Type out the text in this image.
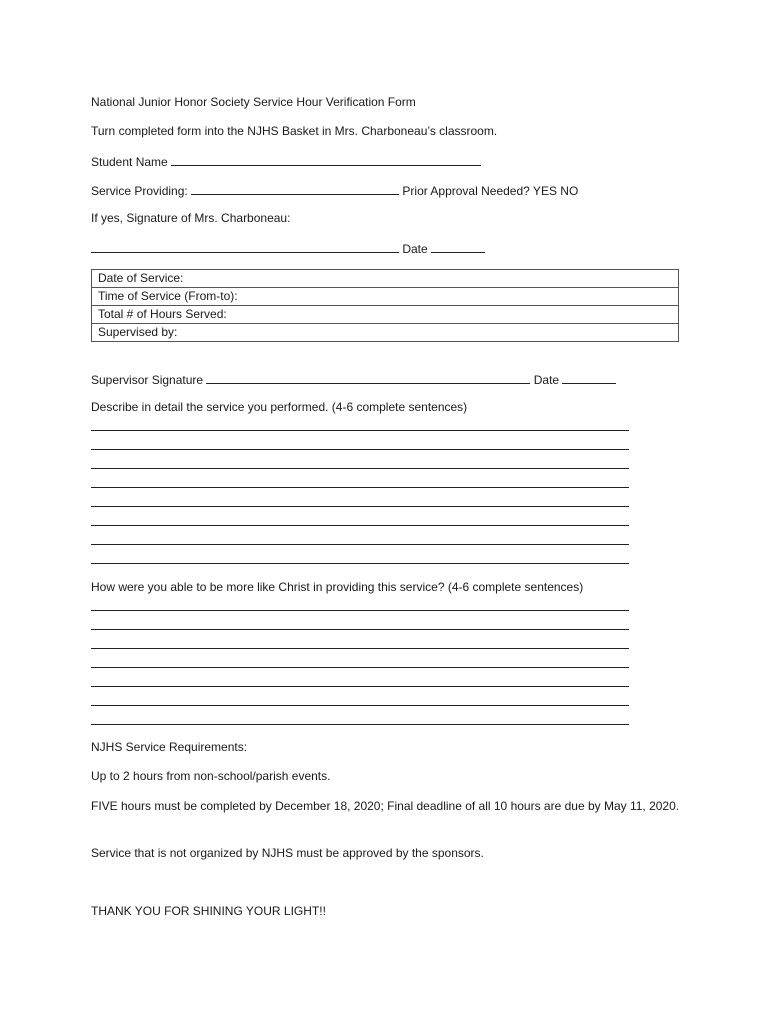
National Junior Honor Society Service Hour Verification Form

Turn completed form into the NJHS Basket in Mrs. Charboneau’s classroom.

Student Name

Service Providing:	Prior Approval Needed? YES NO

If yes, Signature of Mrs. Charboneau:

Date

Date of Service:
Time of Service (From-to):
Total # of Hours Served:
Supervised by:

Supervisor Signature	Date

Describe in detail the service you performed. (4-6 complete sentences)

How were you able to be more like Christ in providing this service? (4-6 complete sentences)

NJHS Service Requirements:

Up to 2 hours from non-school/parish events.

FIVE hours must be completed by December 18, 2020; Final deadline of all 10 hours are due by May 11, 2020.

Service that is not organized by NJHS must be approved by the sponsors.

THANK YOU FOR SHINING YOUR LIGHT!!
